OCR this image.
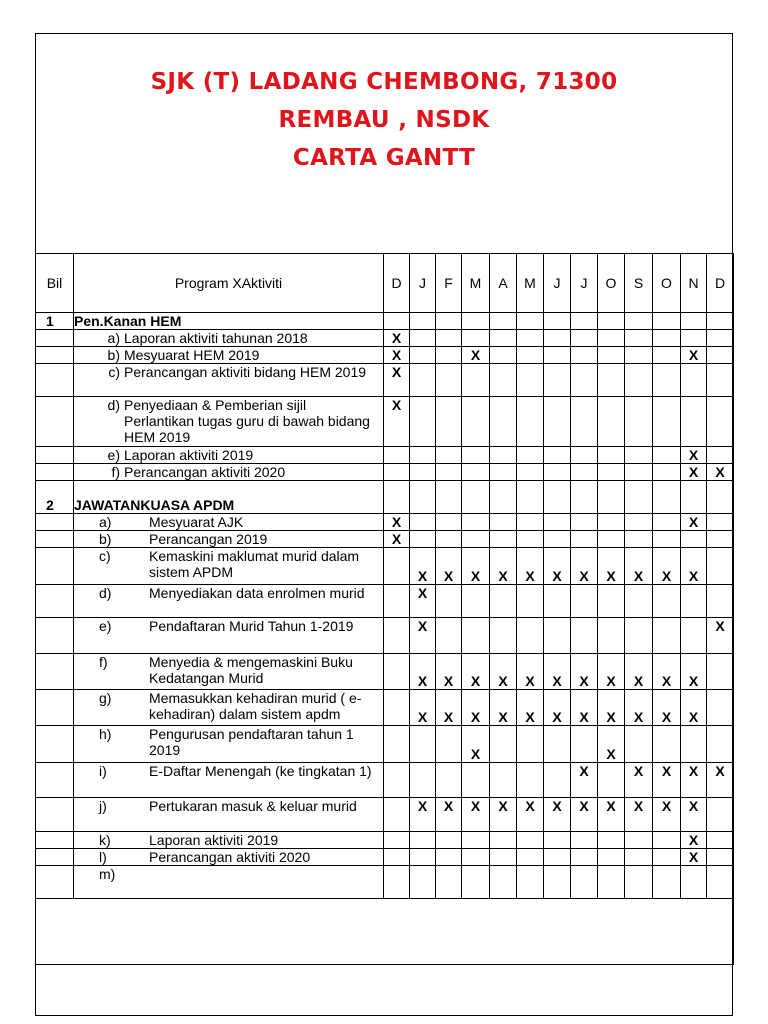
SJK (T) LADANG CHEMBONG, 71300
REMBAU , NSDK
CARTA GANTT
Bil	Program XAktiviti	D	J	F	M	A	M	J	J	O	S	O	N	D
1	Pen.Kanan HEM													
	a) Laporan aktiviti tahunan 2018	X												
	b) Mesyuarat HEM 2019	X			X								X	
	c) Perancangan aktiviti bidang HEM 2019	X												
	d) Penyediaan & Pemberian sijil Perlantikan tugas guru di bawah bidang HEM 2019	X												
	e) Laporan aktiviti 2019												X	
	f) Perancangan aktiviti 2020												X	X
2	JAWATANKUASA APDM													
	a) Mesyuarat AJK	X											X	
	b) Perancangan 2019	X												
	c) Kemaskini maklumat murid dalam sistem APDM		X	X	X	X	X	X	X	X	X	X	X	
	d) Menyediakan data enrolmen murid		X											
	e) Pendaftaran Murid Tahun 1-2019		X											X
	f) Menyedia & mengemaskini Buku Kedatangan Murid		X	X	X	X	X	X	X	X	X	X	X	
	g) Memasukkan kehadiran murid ( e-kehadiran) dalam sistem apdm		X	X	X	X	X	X	X	X	X	X	X	
	h) Pengurusan pendaftaran tahun 1 2019				X					X				
	i) E-Daftar Menengah (ke tingkatan 1)								X		X	X	X	X
	j) Pertukaran masuk & keluar murid		X	X	X	X	X	X	X	X	X	X	X	
	k) Laporan aktiviti 2019												X	
	l) Perancangan aktiviti 2020												X	
	m)													
